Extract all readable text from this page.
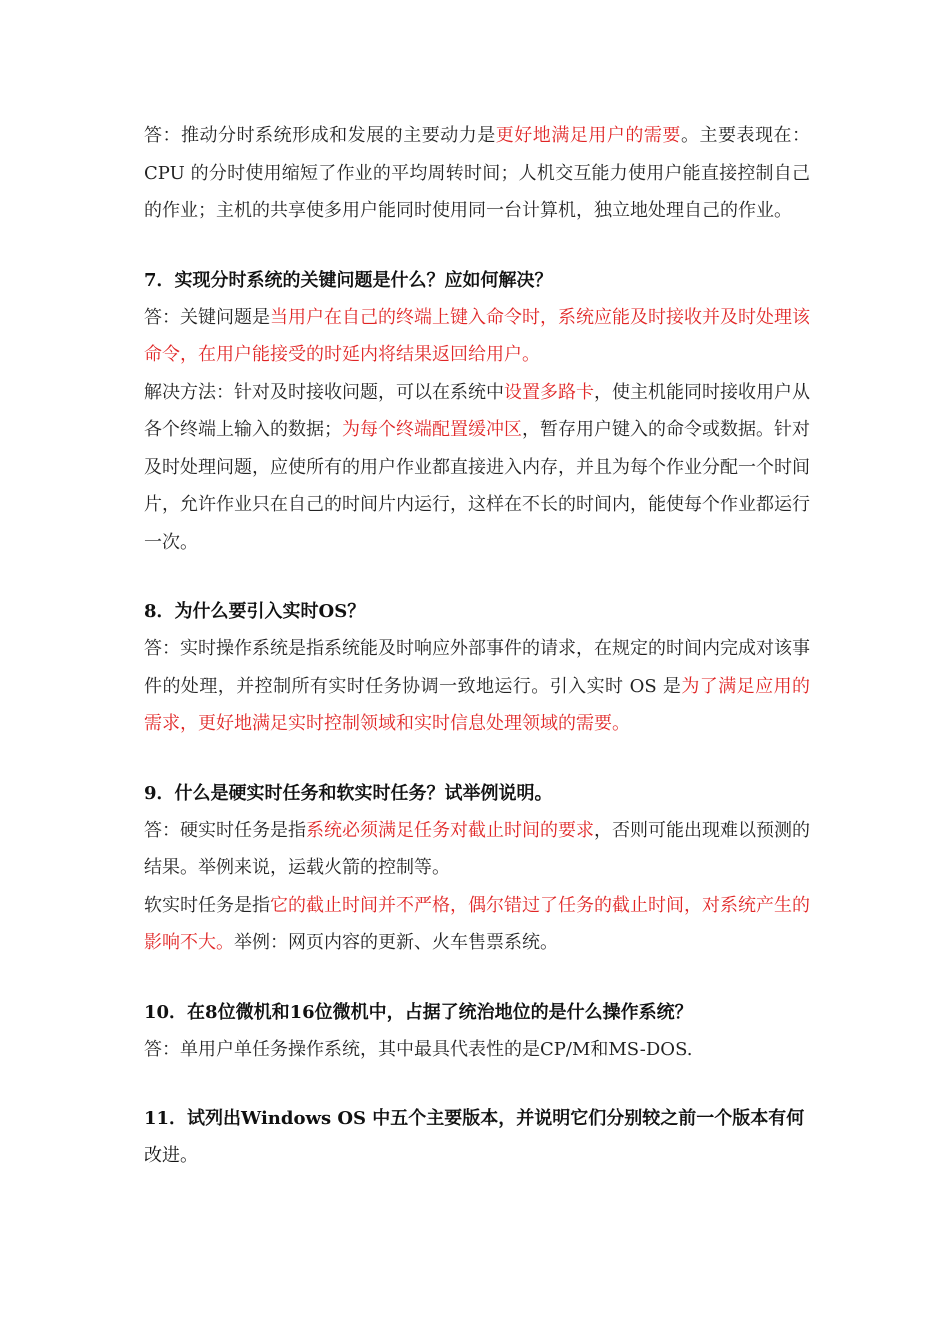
答：推动分时系统形成和发展的主要动力是更好地满足用户的需要。主要表现在：CPU 的分时使用缩短了作业的平均周转时间；人机交互能力使用户能直接控制自己的作业；主机的共享使多用户能同时使用同一台计算机，独立地处理自己的作业。

7．实现分时系统的关键问题是什么？应如何解决？

答：关键问题是当用户在自己的终端上键入命令时，系统应能及时接收并及时处理该命令，在用户能接受的时延内将结果返回给用户。

解决方法：针对及时接收问题，可以在系统中设置多路卡，使主机能同时接收用户从各个终端上输入的数据；为每个终端配置缓冲区，暂存用户键入的命令或数据。针对及时处理问题，应使所有的用户作业都直接进入内存，并且为每个作业分配一个时间片，允许作业只在自己的时间片内运行，这样在不长的时间内，能使每个作业都运行一次。

8．为什么要引入实时OS？

答：实时操作系统是指系统能及时响应外部事件的请求，在规定的时间内完成对该事件的处理，并控制所有实时任务协调一致地运行。引入实时 OS 是为了满足应用的需求，更好地满足实时控制领域和实时信息处理领域的需要。

9．什么是硬实时任务和软实时任务？试举例说明。

答：硬实时任务是指系统必须满足任务对截止时间的要求，否则可能出现难以预测的结果。举例来说，运载火箭的控制等。

软实时任务是指它的截止时间并不严格，偶尔错过了任务的截止时间，对系统产生的影响不大。举例：网页内容的更新、火车售票系统。

10．在8位微机和16位微机中，占据了统治地位的是什么操作系统？

答：单用户单任务操作系统，其中最具代表性的是CP/M和MS-DOS.

11．试列出Windows OS 中五个主要版本，并说明它们分别较之前一个版本有何改进。
